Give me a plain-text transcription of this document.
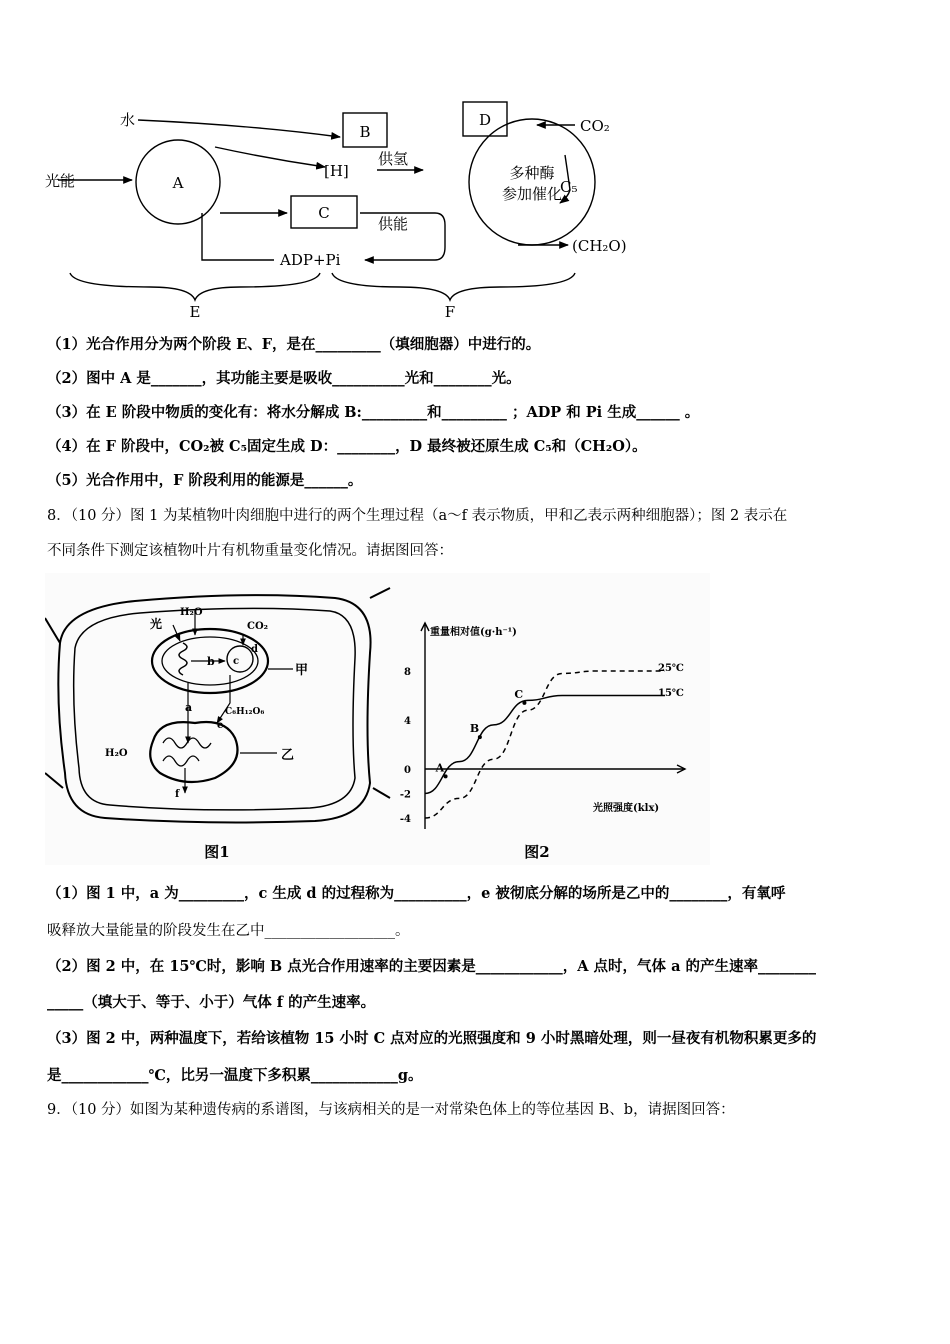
水
光能	A
B
[H]
供氢
C
供能
D	CO₂
多种酶
参加催化
C₅
(CH₂O)
ADP+Pi
E	F
（1）光合作用分为两个阶段 E、F，是在_________（填细胞器）中进行的。
（2）图中 A 是_______，其功能主要是吸收__________光和________光。
（3）在 E 阶段中物质的变化有：将水分解成 B:_________和_________ ；ADP 和 Pi 生成______ 。
（4）在 F 阶段中，CO₂被 C₅固定生成 D：________，D 最终被还原生成 C₅和（CH₂O）。
（5）光合作用中，F 阶段利用的能源是______。
8．（10 分）图 1 为某植物叶肉细胞中进行的两个生理过程（a～f 表示物质，甲和乙表示两种细胞器）；图 2 表示在
不同条件下测定该植物叶片有机物重量变化情况。请据图回答：
光
H₂O
CO₂
b c
d
甲
a	C₆H₁₂O₆
e
H₂O	乙
f
图1
8
4
0
-2
-4
A
B
C
重量相对值(g·h⁻¹)
光照强度(klx)
25℃
15℃
图2
（1）图 1 中，a 为_________，c 生成 d 的过程称为__________，e 被彻底分解的场所是乙中的________，有氧呼
吸释放大量能量的阶段发生在乙中__________________。
（2）图 2 中，在 15℃时，影响 B 点光合作用速率的主要因素是____________，A 点时，气体 a 的产生速率________
_____（填大于、等于、小于）气体 f 的产生速率。
（3）图 2 中，两种温度下，若给该植物 15 小时 C 点对应的光照强度和 9 小时黑暗处理，则一昼夜有机物积累更多的
是____________℃，比另一温度下多积累____________g。
9．（10 分）如图为某种遗传病的系谱图，与该病相关的是一对常染色体上的等位基因 B、b，请据图回答：
